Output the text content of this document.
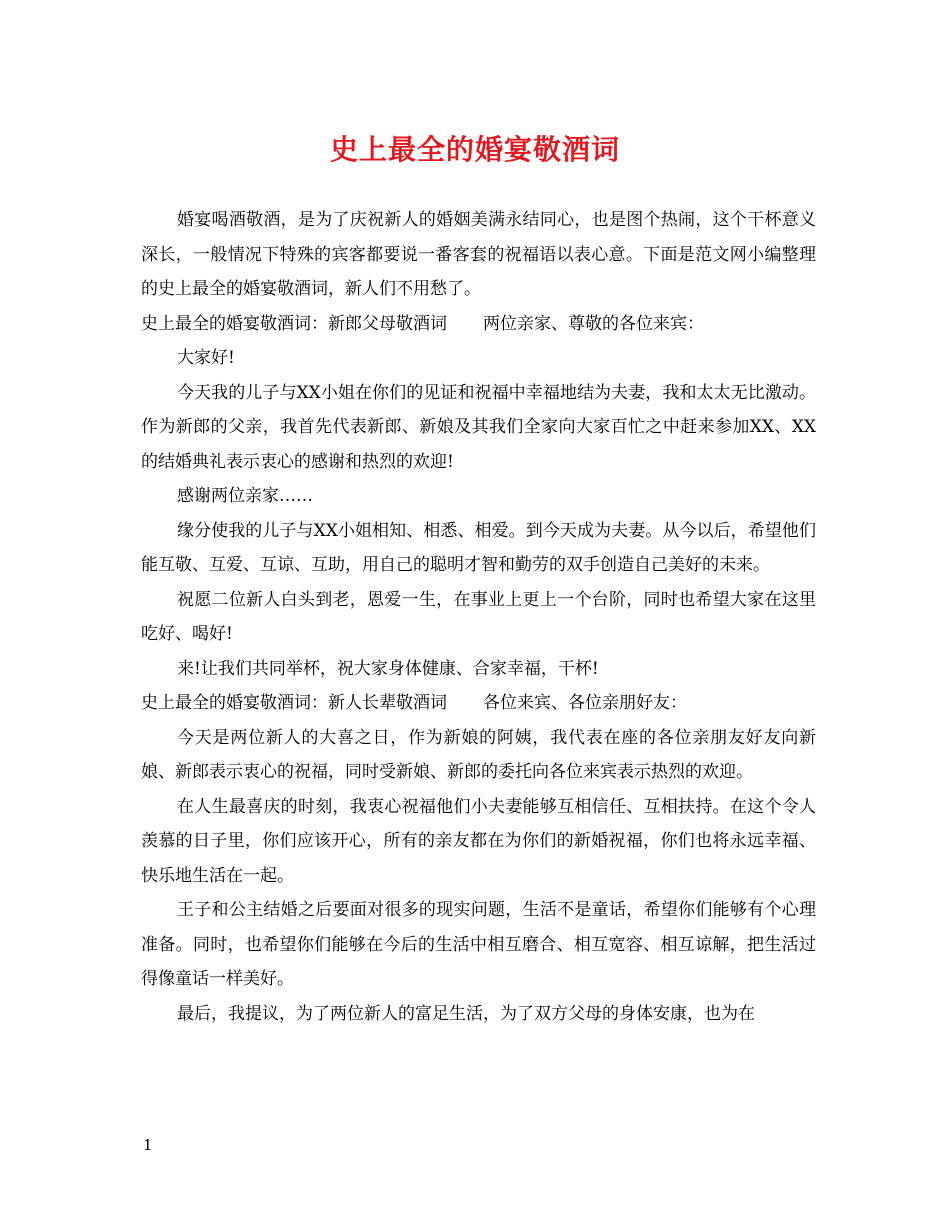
史上最全的婚宴敬酒词

婚宴喝酒敬酒，是为了庆祝新人的婚姻美满永结同心，也是图个热闹，这个干杯意义深长，一般情况下特殊的宾客都要说一番客套的祝福语以表心意。下面是范文网小编整理的史上最全的婚宴敬酒词，新人们不用愁了。

史上最全的婚宴敬酒词：新郎父母敬酒词 两位亲家、尊敬的各位来宾：

大家好!

今天我的儿子与XX小姐在你们的见证和祝福中幸福地结为夫妻，我和太太无比激动。作为新郎的父亲，我首先代表新郎、新娘及其我们全家向大家百忙之中赶来参加XX、XX的结婚典礼表示衷心的感谢和热烈的欢迎!

感谢两位亲家……

缘分使我的儿子与XX小姐相知、相悉、相爱。到今天成为夫妻。从今以后，希望他们能互敬、互爱、互谅、互助，用自己的聪明才智和勤劳的双手创造自己美好的未来。

祝愿二位新人白头到老，恩爱一生，在事业上更上一个台阶，同时也希望大家在这里吃好、喝好!

来!让我们共同举杯，祝大家身体健康、合家幸福，干杯!

史上最全的婚宴敬酒词：新人长辈敬酒词 各位来宾、各位亲朋好友：

今天是两位新人的大喜之日，作为新娘的阿姨，我代表在座的各位亲朋友好友向新娘、新郎表示衷心的祝福，同时受新娘、新郎的委托向各位来宾表示热烈的欢迎。

在人生最喜庆的时刻，我衷心祝福他们小夫妻能够互相信任、互相扶持。在这个令人羡慕的日子里，你们应该开心，所有的亲友都在为你们的新婚祝福，你们也将永远幸福、快乐地生活在一起。

王子和公主结婚之后要面对很多的现实问题，生活不是童话，希望你们能够有个心理准备。同时，也希望你们能够在今后的生活中相互磨合、相互宽容、相互谅解，把生活过得像童话一样美好。

最后，我提议，为了两位新人的富足生活，为了双方父母的身体安康，也为在

1
